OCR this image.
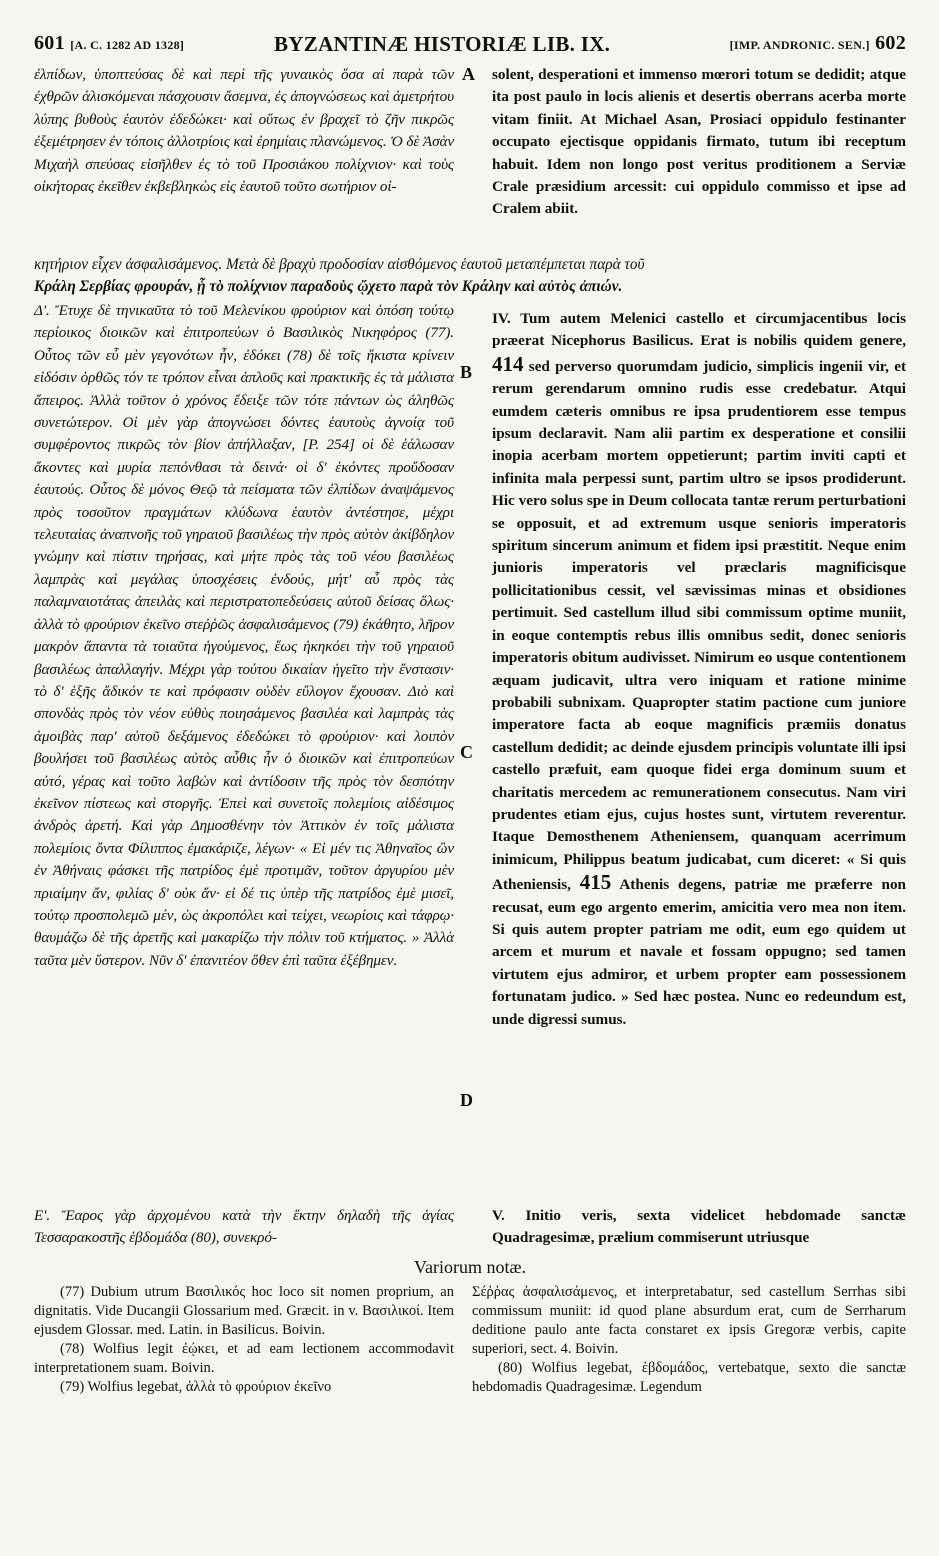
601 [A. C. 1282 AD 1328]	BYZANTINÆ HISTORIÆ LIB. IX.	[IMP. ANDRONIC. SEN.] 602

ἐλπίδων, ὑποπτεύσας δὲ καὶ περὶ τῆς γυναικὸς ὅσα αἱ παρὰ τῶν ἐχθρῶν ἁλισκόμεναι πάσχουσιν ἄσεμνα, ἐς ἀπογνώσεως καὶ ἀμετρήτου λύπης βυθοὺς ἑαυτὸν ἐδεδώκει· καὶ οὕτως ἐν βραχεῖ τὸ ζῆν πικρῶς ἐξεμέτρησεν ἐν τόποις ἀλλοτρίοις καὶ ἐρημίαις πλανώμενος. Ὁ δὲ Ἀσὰν Μιχαὴλ σπεύσας εἰσῆλθεν ἐς τὸ τοῦ Προσιάκου πολίχνιον· καὶ τοὺς οἰκήτορας ἐκεῖθεν ἐκβεβληκὼς εἰς ἑαυτοῦ τοῦτο σωτήριον οἰ-

solent, desperationi et immenso mœrori totum se dedidit; atque ita post paulo in locis alienis et desertis oberrans acerba morte vitam finiit. At Michael Asan, Prosiaci oppidulo festinanter occupato ejectisque oppidanis firmato, tutum ibi receptum habuit. Idem non longo post veritus proditionem a Serviæ Crale præsidium arcessit: cui oppidulo commisso et ipse ad Cralem abiit.

A
κητήριον εἶχεν ἀσφαλισάμενος. Μετὰ δὲ βραχὺ προδοσίαν αἰσθόμενος ἑαυτοῦ μεταπέμπεται παρὰ τοῦ
Κράλη Σερβίας φρουράν, ᾗ τὸ πολίχνιον παραδοὺς ᾤχετο παρὰ τὸν Κράλην καὶ αὐτὸς ἀπιών.

Δ'. Ἔτυχε δὲ τηνικαῦτα τὸ τοῦ Μελενίκου φρούριον καὶ ὁπόση τούτῳ περίοικος διοικῶν καὶ ἐπιτροπεύων ὁ Βασιλικὸς Νικηφόρος (77). Οὗτος τῶν εὖ μὲν γεγονότων ἦν, ἐδόκει (78) δὲ τοῖς ἥκιστα κρίνειν εἰδόσιν ὀρθῶς τόν τε τρόπον εἶναι ἁπλοῦς καὶ πρακτικῆς ἐς τὰ μάλιστα ἄπειρος. Ἀλλὰ τοῦτον ὁ χρόνος ἔδειξε τῶν τότε πάντων ὡς ἀληθῶς συνετώτερον. Οἱ μὲν γὰρ ἀπογνώσει δόντες ἑαυτοὺς ἀγνοίᾳ τοῦ συμφέροντος πικρῶς τὸν βίον ἀπήλλαξαν, [P. 254] οἱ δὲ ἑάλωσαν ἄκοντες καὶ μυρία πεπόνθασι τὰ δεινά· οἱ δ' ἑκόντες προὔδοσαν ἑαυτούς. Οὗτος δὲ μόνος Θεῷ τὰ πείσματα τῶν ἐλπίδων ἀναψάμενος πρὸς τοσοῦτον πραγμάτων κλύδωνα ἑαυτὸν ἀντέστησε, μέχρι τελευταίας ἀναπνοῆς τοῦ γηραιοῦ βασιλέως τὴν πρὸς αὐτὸν ἀκίβδηλον γνώμην καὶ πίστιν τηρήσας, καὶ μήτε πρὸς τὰς τοῦ νέου βασιλέως λαμπρὰς καὶ μεγάλας ὑποσχέσεις ἐνδούς, μήτ' αὖ πρὸς τὰς παλαμναιοτάτας ἀπειλὰς καὶ περιστρατοπεδεύσεις αὐτοῦ δείσας ὅλως· ἀλλὰ τὸ φρούριον ἐκεῖνο στεῤῥῶς ἀσφαλισάμενος (79) ἐκάθητο, λῆρον μακρὸν ἅπαντα τὰ τοιαῦτα ἡγούμενος, ἕως ἠκηκόει τὴν τοῦ γηραιοῦ βασιλέως ἀπαλλαγήν. Μέχρι γὰρ τούτου δικαίαν ἡγεῖτο τὴν ἔνστασιν· τὸ δ' ἑξῆς ἄδικόν τε καὶ πρόφασιν οὐδὲν εὔλογον ἔχουσαν. Διὸ καὶ σπονδὰς πρὸς τὸν νέον εὐθὺς ποιησάμενος βασιλέα καὶ λαμπρὰς τὰς ἀμοιβὰς παρ' αὐτοῦ δεξάμενος ἐδεδώκει τὸ φρούριον· καὶ λοιπὸν βουλήσει τοῦ βασιλέως αὐτὸς αὖθις ἦν ὁ διοικῶν καὶ ἐπιτροπεύων αὐτό, γέρας καὶ τοῦτο λαβὼν καὶ ἀντίδοσιν τῆς πρὸς τὸν δεσπότην ἐκεῖνον πίστεως καὶ στοργῆς. Ἐπεὶ καὶ συνετοῖς πολεμίοις αἰδέσιμος ἀνδρὸς ἀρετή. Καὶ γὰρ Δημοσθένην τὸν Ἀττικὸν ἐν τοῖς μάλιστα πολεμίοις ὄντα Φίλιππος ἐμακάριζε, λέγων· « Εἰ μέν τις Ἀθηναῖος ὢν ἐν Ἀθήναις φάσκει τῆς πατρίδος ἐμὲ προτιμᾶν, τοῦτον ἀργυρίου μὲν πριαίμην ἄν, φιλίας δ' οὐκ ἄν· εἰ δέ τις ὑπὲρ τῆς πατρίδος ἐμὲ μισεῖ, τούτῳ προσπολεμῶ μέν, ὡς ἀκροπόλει καὶ τείχει, νεωρίοις καὶ τάφρῳ· θαυμάζω δὲ τῆς ἀρετῆς καὶ μακαρίζω τὴν πόλιν τοῦ κτήματος. » Ἀλλὰ ταῦτα μὲν ὕστερον. Νῦν δ' ἐπανιτέον ὅθεν ἐπὶ ταῦτα ἐξέβημεν.

IV. Tum autem Melenici castello et circumjacentibus locis præerat Nicephorus Basilicus. Erat is nobilis quidem genere, 414 sed perverso quorumdam judicio, simplicis ingenii vir, et rerum gerendarum omnino rudis esse credebatur. Atqui eumdem cæteris omnibus re ipsa prudentiorem esse tempus ipsum declaravit. Nam alii partim ex desperatione et consilii inopia acerbam mortem oppetierunt; partim inviti capti et infinita mala perpessi sunt, partim ultro se ipsos prodiderunt. Hic vero solus spe in Deum collocata tantæ rerum perturbationi se opposuit, et ad extremum usque senioris imperatoris spiritum sincerum animum et fidem ipsi præstitit. Neque enim junioris imperatoris vel præclaris magnificisque pollicitationibus cessit, vel sævissimas minas et obsidiones pertimuit. Sed castellum illud sibi commissum optime muniit, in eoque contemptis rebus illis omnibus sedit, donec senioris imperatoris obitum audivisset. Nimirum eo usque contentionem æquam judicavit, ultra vero iniquam et ratione minime probabili subnixam. Quapropter statim pactione cum juniore imperatore facta ab eoque magnificis præmiis donatus castellum dedidit; ac deinde ejusdem principis voluntate illi ipsi castello præfuit, eam quoque fidei erga dominum suum et charitatis mercedem ac remunerationem consecutus. Nam viri prudentes etiam ejus, cujus hostes sunt, virtutem reverentur. Itaque Demosthenem Atheniensem, quanquam acerrimum inimicum, Philippus beatum judicabat, cum diceret: « Si quis Atheniensis, 415 Athenis degens, patriæ me præferre non recusat, eum ego argento emerim, amicitia vero mea non item. Si quis autem propter patriam me odit, eum ego quidem ut arcem et murum et navale et fossam oppugno; sed tamen virtutem ejus admiror, et urbem propter eam possessionem fortunatam judico. » Sed hæc postea. Nunc eo redeundum est, unde digressi sumus.

B
C
D

Ε'. Ἔαρος γὰρ ἀρχομένου κατὰ τὴν ἕκτην δηλαδὴ τῆς ἁγίας Τεσσαρακοστῆς ἑβδομάδα (80), συνεκρό-

V. Initio veris, sexta videlicet hebdomade sanctæ Quadragesimæ, prælium commiserunt utriusque

Variorum notæ.

(77) Dubium utrum Βασιλικός hoc loco sit nomen proprium, an dignitatis. Vide Ducangii Glossarium med. Græcit. in v. Βασιλικοί. Item ejusdem Glossar. med. Latin. in Basilicus. Boivin.

(78) Wolfius legit ἐῴκει, et ad eam lectionem accommodavit interpretationem suam. Boivin.

(79) Wolfius legebat, ἀλλὰ τὸ φρούριον ἐκεῖνο

Σέῤῥας ἀσφαλισάμενος, et interpretabatur, sed castellum Serrhas sibi commissum muniit: id quod plane absurdum erat, cum de Serrharum deditione paulo ante facta constaret ex ipsis Gregoræ verbis, capite superiori, sect. 4. Boivin.

(80) Wolfius legebat, ἑβδομάδος, vertebatque, sexto die sanctæ hebdomadis Quadragesimæ. Legendum
